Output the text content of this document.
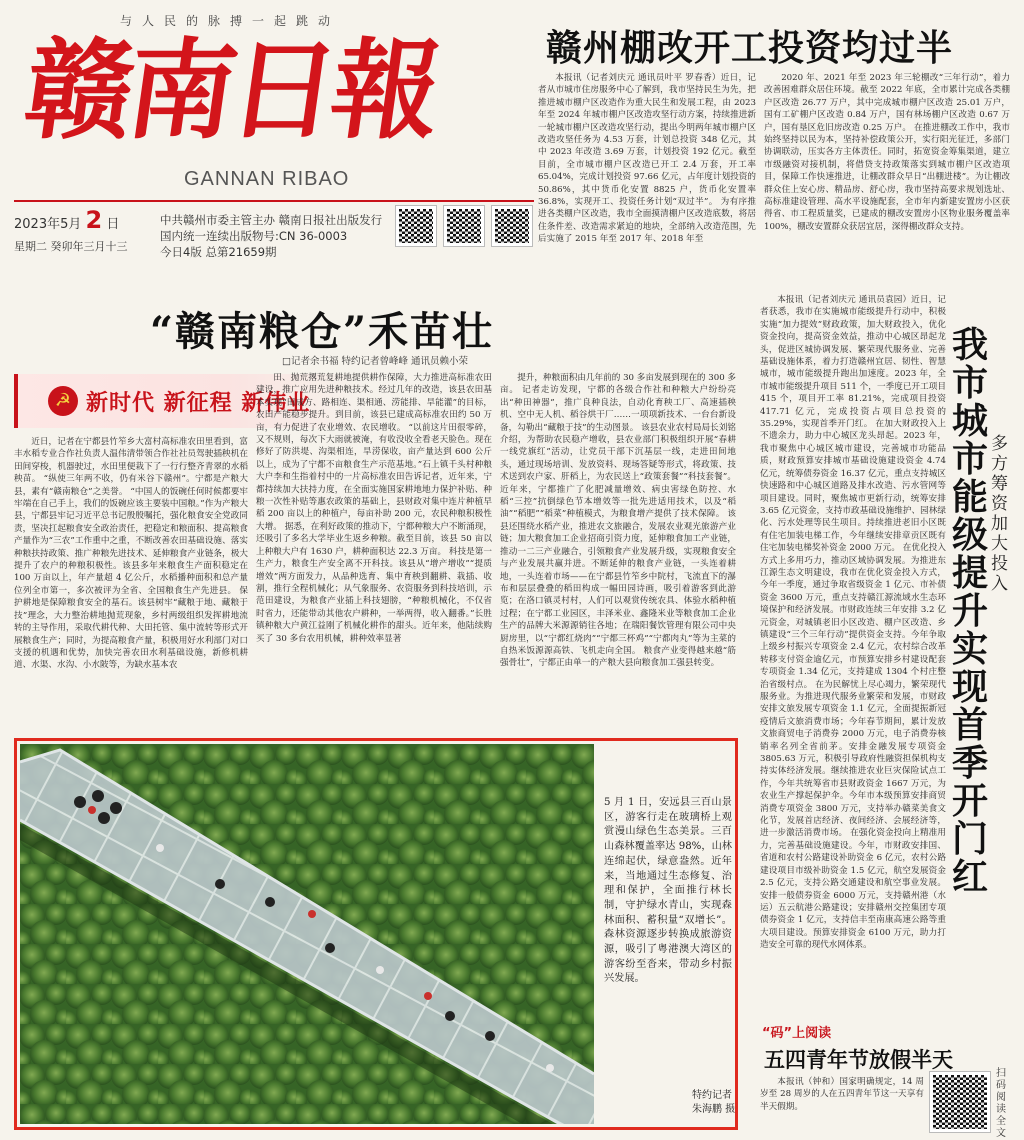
与人民的脉搏一起跳动
赣南日報
GANNAN RIBAO
2023年5月 2 日
星期二 癸卯年三月十三
中共赣州市委主管主办 赣南日报社出版发行
国内统一连续出版物号:CN 36-0003
今日4版 总第21659期
赣州棚改开工投资均过半

本报讯（记者刘庆元 通讯员叶平 罗春香）近日，记者从市城市住房服务中心了解到，我市坚持民生为先，把推进城市棚户区改造作为重大民生和发展工程，由 2023 年至 2024 年城市棚户区改造攻坚行动方案，持续推进新一轮城市棚户区改造攻坚行动，提出今明两年城市棚户区改造攻坚任务为 4.53 万套，计划总投资 348 亿元，其中 2023 年改造 3.69 万套，计划投资 192 亿元。截至目前，全市城市棚户区改造已开工 2.4 万套，开工率 65.04%，完成计划投资 97.66 亿元，占年度计划投资的 50.86%，其中货币化安置 8825 户，货币化安置率 36.8%，实现开工、投资任务计划“双过半”。 为有序推进各类棚户区改造，我市全面摸清棚户区改造底数，将居住条件差、改造需求紧迫的地块，全部纳入改造范围，先后实施了 2015 年至 2017 年、2018 年至

2020 年、2021 年至 2023 年三轮棚改“三年行动”，着力改善困难群众居住环境。截至 2022 年底，全市累计完成各类棚户区改造 26.77 万户，其中完成城市棚户区改造 25.01 万户，国有工矿棚户区改造 0.84 万户，国有林场棚户区改造 0.67 万户，国有垦区危旧房改造 0.25 万户。 在推进棚改工作中，我市始终坚持以民为本，坚持补偿政策公开，实行阳光征迁，多部门协调联动，压实各方主体责任。同时，拓宽资金筹集渠道，建立市级融资对接机制，将借贷支持政策落实到城市棚户区改造项目，保障工作快速推进，让棚改群众早日“出棚进楼”。为让棚改群众住上安心房、精品房、舒心房，我市坚持高要求规划选址、高标准建设管理、高水平设施配套，全市年内新建安置房小区获得省、市工程质量奖，已建成的棚改安置房小区物业服务覆盖率 100%，棚改安置群众获居宜居，深得棚改群众支持。

“赣南粮仓”禾苗壮
□记者余书福 特约记者曾峰峰 通讯员赖小荣
☭ 新时代 新征程 新伟业

近日，记者在宁都县竹笮乡大富村高标准农田里看到，富丰水稻专业合作社负责人温伟清带领合作社社员驾驶插秧机在田间穿梭，机器驶过，水田里便栽下了一行行整齐青翠的水稻秧苗。 “纵使三年两不收，仍有米谷下赣州”。宁都是产粮大县，素有“赣南粮仓”之美誉。 “中国人的饭碗任何时候都要牢牢端在自己手上，我们的饭碗应该主要装中国粮。”作为产粮大县，宁都县牢记习近平总书记殷殷嘱托，强化粮食安全党政同责，坚决扛起粮食安全政治责任，把稳定和粮面积、提高粮食产量作为“三农”工作重中之重，不断改善农田基础设施、落实种粮扶持政策、推广种粮先进技术、延伸粮食产业链条，极大提升了农户的种粮积极性。该县多年来粮食生产面积稳定在 100 万亩以上，年产量超 4 亿公斤，水稻播种面积和总产量位列全市第一，多次被评为全省、全国粮食生产先进县。 保护耕地是保障粮食安全的基石。该县树牢“藏粮于地、藏粮于技”理念，大力整治耕地抛荒现象，乡村两级组织发挥耕地流转的主导作用，采取代耕代种、大田托管、集中流转等形式开展粮食生产；同时，为提高粮食产量，积极用好水利部门对口支援的机遇和优势，加快完善农田水利基础设施，新修机耕道、水渠、水沟、小水陂等，为缺水基本农

田、抛荒撂荒复耕地提供耕作保障，大力推进高标准农田建设，推广应用先进种粮技术。经过几年的改造，该县农田基本实现“田成方、路相连、渠相通、涝能排、旱能灌”的目标，农田产能稳步提升。到目前，该县已建成高标准农田约 50 万亩，有力促进了农业增效、农民增收。 “以前这片田很零碎，又不规则，每次下大雨就被淹，有收没收全看老天脸色。现在修好了防洪堤、沟渠相连，旱涝保收，亩产量达到 600 公斤以上，成为了宁都不亩粮食生产示范基地。”石上镇千头村种粮大户李和生指着村中的一片高标准农田告诉记者，近年来，宁都持续加大扶持力度，在全面实施国家耕地地力保护补贴、种粮一次性补贴等惠农政策的基础上，县财政对集中连片种植早稻 200 亩以上的种植户，每亩补助 200 元，农民种粮积极性大增。 据悉，在利好政策的推动下，宁都种粮大户不断涌现，还吸引了多名大学毕业生返乡种粮。截至目前，该县 50 亩以上种粮大户有 1630 户，耕种面积达 22.3 万亩。 科技是第一生产力，粮食生产安全离不开科技。该县从“增产增收”“提质增效”两方面发力，从品种选育、集中育秧到翻耕、栽插、收割，推行全程机械化；从气象服务、农资服务到科技培训，示范田建设，为粮食产业插上科技翅膀，“种粮机械化，不仅省时省力，还能带动其他农户耕种，一举两得，收入翻番。”长胜镇种粮大户黄江益刚了机械化耕作的甜头。近年来，他陆续购买了 30 多台农用机械，耕种效率显著

提升，种粮面积由几年前的 30 多亩发展到现在的 300 多亩。 记者走访发现，宁都的各级合作社和种粮大户纷纷亮出“种田神器”，推广良种良法，自动化育秧工厂、高速插秧机、空中无人机、稻谷烘干厂……一项项新技术、一台台新设备，勾勒出“藏粮于技”的生动图景。 该县农业农村局局长刘铭介绍，为帮助农民稳产增收，县农业部门积极组织开展“春耕一线党旗红”活动，让党员干部下沉基层一线，走进田间地头，通过现场培训、发放资料、现场答疑等形式，将政策、技术送到农户家、肝稻上，为农民送上“政策套餐”“科技套餐”。近年来，宁都推广了化肥减量增效、病虫害绿色防控、水稻“三控”抗倒绿色节本增效等一批先进适用技术，以及“稻油”“稻肥”“稻菜”种植模式，为粮食增产提供了技术保障。 该县还围绕水稻产业，推进农文旅融合，发展农业观光旅游产业链；加大粮食加工企业招商引资力度，延伸粮食加工产业链，推动一二三产业融合，引领粮食产业发展升级，实现粮食安全与产业发展共赢并进。不断延伸的粮食产业链，一头连着耕地，一头连着市场——在宁都县竹笮乡中院村，飞流直下的瀑布和层层叠叠的稻田构成一幅田园诗画，吸引着游客到此游览；在洛口镇灵村村，人们可以观赏传统农具、体验水稻种植过程；在宁都工业园区，丰泽米业、鑫隆米业等粮食加工企业生产的品牌大米源源销往各地；在瑞阳餐饮管理有限公司中央厨房里，以“宁都红烧肉”“宁都三杯鸡”“宁都肉丸”等为主菜的自热米饭源源高铁、飞机走向全国。 粮食产业变得越来越“筋强骨壮”，宁都正由单一的产粮大县向粮食加工强县转变。

本报讯（记者刘庆元 通讯员袁园）近日，记者获悉，我市在实施城市能级提升行动中，积极实施“加力提效”财政政策，加大财政投入，优化资金投向，提高资金效益，推动中心城区昂起龙头，促进区城协调发展、繁荣现代服务业、完善基础设施体系，着力打造赣州宜居、韧性、智慧城市，城市能级提升跑出加速度。2023 年，全市城市能级提升项目 511 个，一季度已开工项目 415 个，项目开工率 81.21%，完成项目投资 417.71 亿元，完成投资占项目总投资的 35.29%，实现首季开门红。 在加大财政投入上不遗余力，助力中心城区龙头昂起。2023 年，我市聚焦中心城区城市建设，完善城市功能品质，财政预算安排城市基础设施建设资金 4.74 亿元，统筹债券资金 16.37 亿元，重点支持城区快速路和中心城区道路及排水改造、污水管网等项目建设。同时，聚焦城市更新行动，统筹安排 3.65 亿元资金，支持市政基础设施维护、园林绿化、污水处理等民生项目。持续推进老旧小区既有住宅加装电梯工作，今年继续安排章贡区既有住宅加装电梯奖补资金 2000 万元。 在优化投入方式上多用巧力，推动区域协调发展。为推进东江源生态文明建设，我市在优化资金投入方式，今年一季度，通过争取省级资金 1 亿元、市补债资金 3600 万元，重点支持赣江源流域水生态环境保护和经济发展。市财政连续三年安排 3.2 亿元资金，对城镇老旧小区改造、棚户区改造、乡镇建设“三个三年行动”提供资金支持。今年争取上级乡村振兴专项资金 2.4 亿元，农村综合改革转移支付资金逾亿元，市预算安排乡村建设配套专项资金 1.34 亿元，支持建成 1304 个村庄整治省级村点。 在为民解忧上尽心竭力，繁荣现代服务业。为推进现代服务业繁荣和发展，市财政安排文旅发展专项资金 1.1 亿元，全面提振新冠疫情后文旅消费市场；今年春节期间，累计发放文旅商贸电子消费券 2000 万元，电子消费券核销率名列全省前茅。安排金融发展专项资金 3805.63 万元，积极引导政府性融资担保机构支持实体经济发展。继续推进农业巨灾保险试点工作，今年共统筹省市县财政资金 1667 万元，为农业生产撑起保护伞。今年市本级预算安排商贸消费专项资金 3800 万元，支持举办赣菜美食文化节，发展首店经济、夜间经济、会展经济等，进一步激活消费市场。 在强化资金投向上精准用力，完善基础设施建设。今年，市财政安排国、省道和农村公路建设补助资金 6 亿元，农村公路建设项目市级补助资金 1.5 亿元，航空发展资金 2.5 亿元，支持公路交通建设和航空事业发展。安排一般债券资金 6000 万元，支持赣州港（水运）五云航港公路建设；安排赣州交控集团专项债券资金 1 亿元，支持信丰至南康高速公路等重大项目建设。预算安排资金 6100 万元，助力打造安全可靠的现代水网体系。

我市城市能级提升实现首季开门红
多方筹资 加大投入
5 月 1 日，安远县三百山景区，游客行走在玻璃桥上观赏漫山绿色生态美景。三百山森林覆盖率达 98%，山林连绵起伏，绿意盎然。近年来，当地通过生态修复、治理和保护，全面推行林长制，守护绿水青山，实现森林面积、蓄积量“双增长”。森林资源逐步转换成旅游资源，吸引了粤港澳大湾区的游客纷至沓来，带动乡村振兴发展。
特约记者
朱海鹏 摄
“码”上阅读
五四青年节放假半天

本报讯（钟和）国家明确规定，14 周岁至 28 周岁的人在五四青年节这一天享有半天假期。

扫码阅读全文
